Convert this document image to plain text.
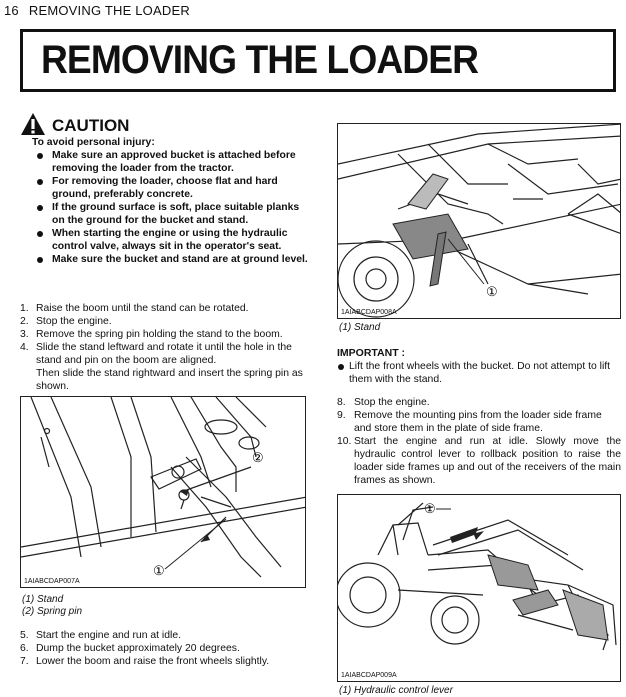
16 REMOVING THE LOADER
REMOVING THE LOADER
CAUTION
To avoid personal injury:
Make sure an approved bucket is attached before removing the loader from the tractor.
For removing the loader, choose flat and hard ground, preferably concrete.
If the ground surface is soft, place suitable planks on the ground for the bucket and stand.
When starting the engine or using the hydraulic control valve, always sit in the operator's seat.
Make sure the bucket and stand are at ground level.
1. Raise the boom until the stand can be rotated.
2. Stop the engine.
3. Remove the spring pin holding the stand to the boom.
4. Slide the stand leftward and rotate it until the hole in the stand and pin on the boom are aligned.
Then slide the stand rightward and insert the spring pin as shown.
②
①
1AIABCDAP007A
(1) Stand
(2) Spring pin
5. Start the engine and run at idle.
6. Dump the bucket approximately 20 degrees.
7. Lower the boom and raise the front wheels slightly.
①
1AIABCDAP008A
(1) Stand
IMPORTANT :
Lift the front wheels with the bucket. Do not attempt to lift them with the stand.
8. Stop the engine.
9. Remove the mounting pins from the loader side frame and store them in the plate of side frame.
10. Start the engine and run at idle. Slowly move the hydraulic control lever to rollback position to raise the loader side frames up and out of the receivers of the main frames as shown.
①
1AIABCDAP009A
(1) Hydraulic control lever
